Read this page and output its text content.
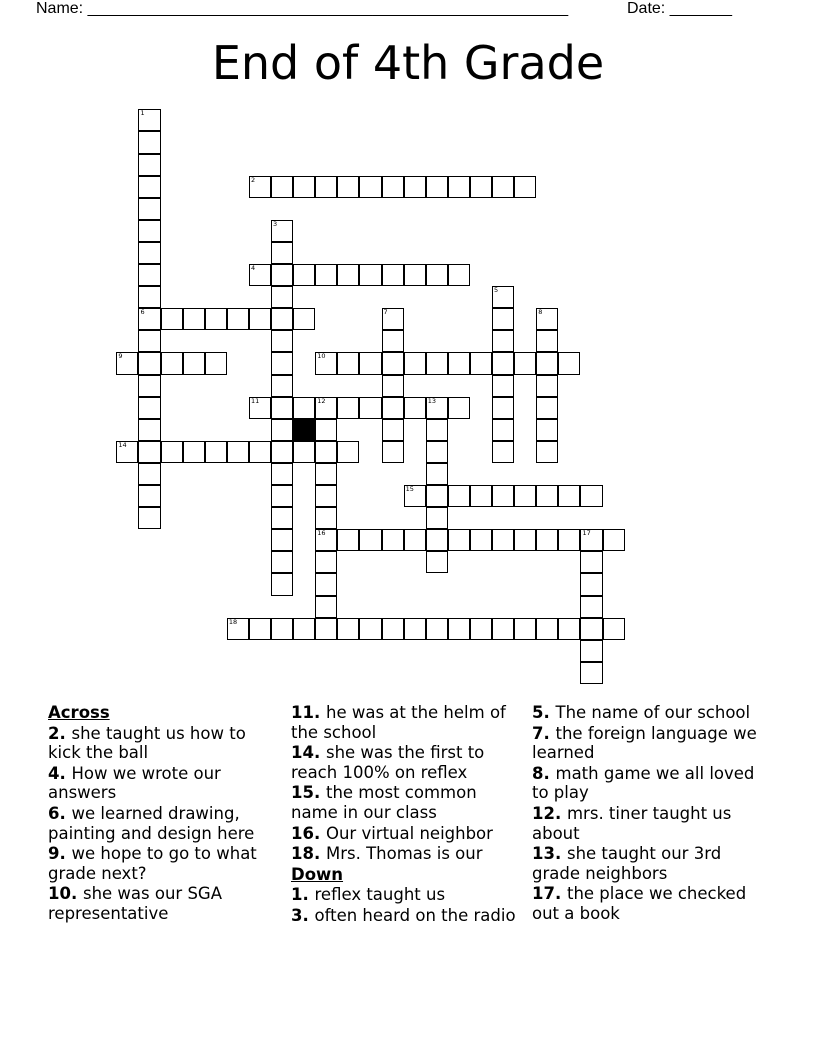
Name: ______________________________________________________	Date: _______
End of 4th Grade
1
6
2
3
4
5
7	8
9	10
11	12	13
16
14
15
17
18
Across
2. she taught us how to kick the ball
4. How we wrote our answers
6. we learned drawing, painting and design here
9. we hope to go to what grade next?
10. she was our SGA representative
11. he was at the helm of the school
14. she was the first to reach 100% on reflex
15. the most common name in our class
16. Our virtual neighbor
18. Mrs. Thomas is our
Down
1. reflex taught us
3. often heard on the radio
5. The name of our school
7. the foreign language we learned
8. math game we all loved to play
12. mrs. tiner taught us about
13. she taught our 3rd grade neighbors
17. the place we checked out a book
